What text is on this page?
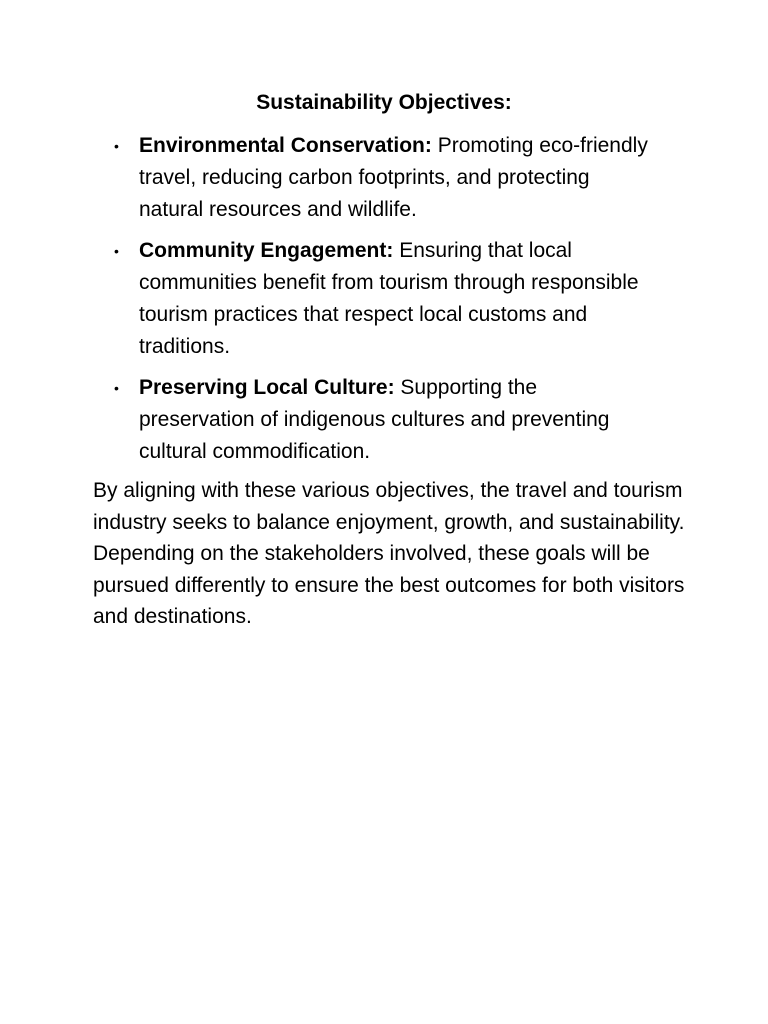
Sustainability Objectives:
• Environmental Conservation: Promoting eco-friendly travel, reducing carbon footprints, and protecting natural resources and wildlife.
• Community Engagement: Ensuring that local communities benefit from tourism through responsible tourism practices that respect local customs and traditions.
• Preserving Local Culture: Supporting the preservation of indigenous cultures and preventing cultural commodification.

By aligning with these various objectives, the travel and tourism industry seeks to balance enjoyment, growth, and sustainability. Depending on the stakeholders involved, these goals will be pursued differently to ensure the best outcomes for both visitors and destinations.
